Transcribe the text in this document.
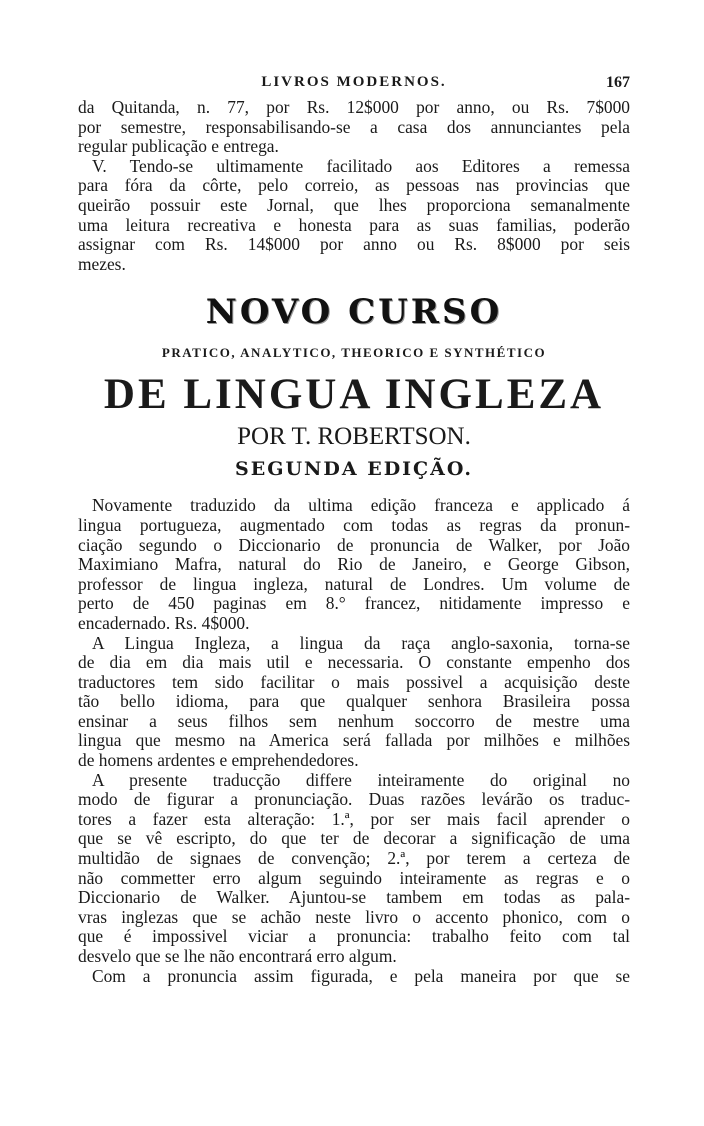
LIVROS MODERNOS.	167

da Quitanda, n. 77, por Rs. 12$000 por anno, ou Rs. 7$000
por semestre, responsabilisando-se a casa dos annunciantes pela
regular publicação e entrega.

V. Tendo-se ultimamente facilitado aos Editores a remessa
para fóra da côrte, pelo correio, as pessoas nas provincias que
queirão possuir este Jornal, que lhes proporciona semanalmente
uma leitura recreativa e honesta para as suas familias, poderão
assignar com Rs. 14$000 por anno ou Rs. 8$000 por seis
mezes.

NOVO CURSO
PRATICO, ANALYTICO, THEORICO E SYNTHÉTICO
DE LINGUA INGLEZA
POR T. ROBERTSON.
SEGUNDA EDIÇÃO.

Novamente traduzido da ultima edição franceza e applicado á
lingua portugueza, augmentado com todas as regras da pronun-
ciação segundo o Diccionario de pronuncia de Walker, por João
Maximiano Mafra, natural do Rio de Janeiro, e George Gibson,
professor de lingua ingleza, natural de Londres. Um volume de
perto de 450 paginas em 8.° francez, nitidamente impresso e
encadernado. Rs. 4$000.

A Lingua Ingleza, a lingua da raça anglo-saxonia, torna-se
de dia em dia mais util e necessaria. O constante empenho dos
traductores tem sido facilitar o mais possivel a acquisição deste
tão bello idioma, para que qualquer senhora Brasileira possa
ensinar a seus filhos sem nenhum soccorro de mestre uma
lingua que mesmo na America será fallada por milhões e milhões
de homens ardentes e emprehendedores.

A presente traducção differe inteiramente do original no
modo de figurar a pronunciação. Duas razões levárão os traduc-
tores a fazer esta alteração: 1.ª, por ser mais facil aprender o
que se vê escripto, do que ter de decorar a significação de uma
multidão de signaes de convenção; 2.ª, por terem a certeza de
não commetter erro algum seguindo inteiramente as regras e o
Diccionario de Walker. Ajuntou-se tambem em todas as pala-
vras inglezas que se achão neste livro o accento phonico, com o
que é impossivel viciar a pronuncia: trabalho feito com tal
desvelo que se lhe não encontrará erro algum.

Com a pronuncia assim figurada, e pela maneira por que se
